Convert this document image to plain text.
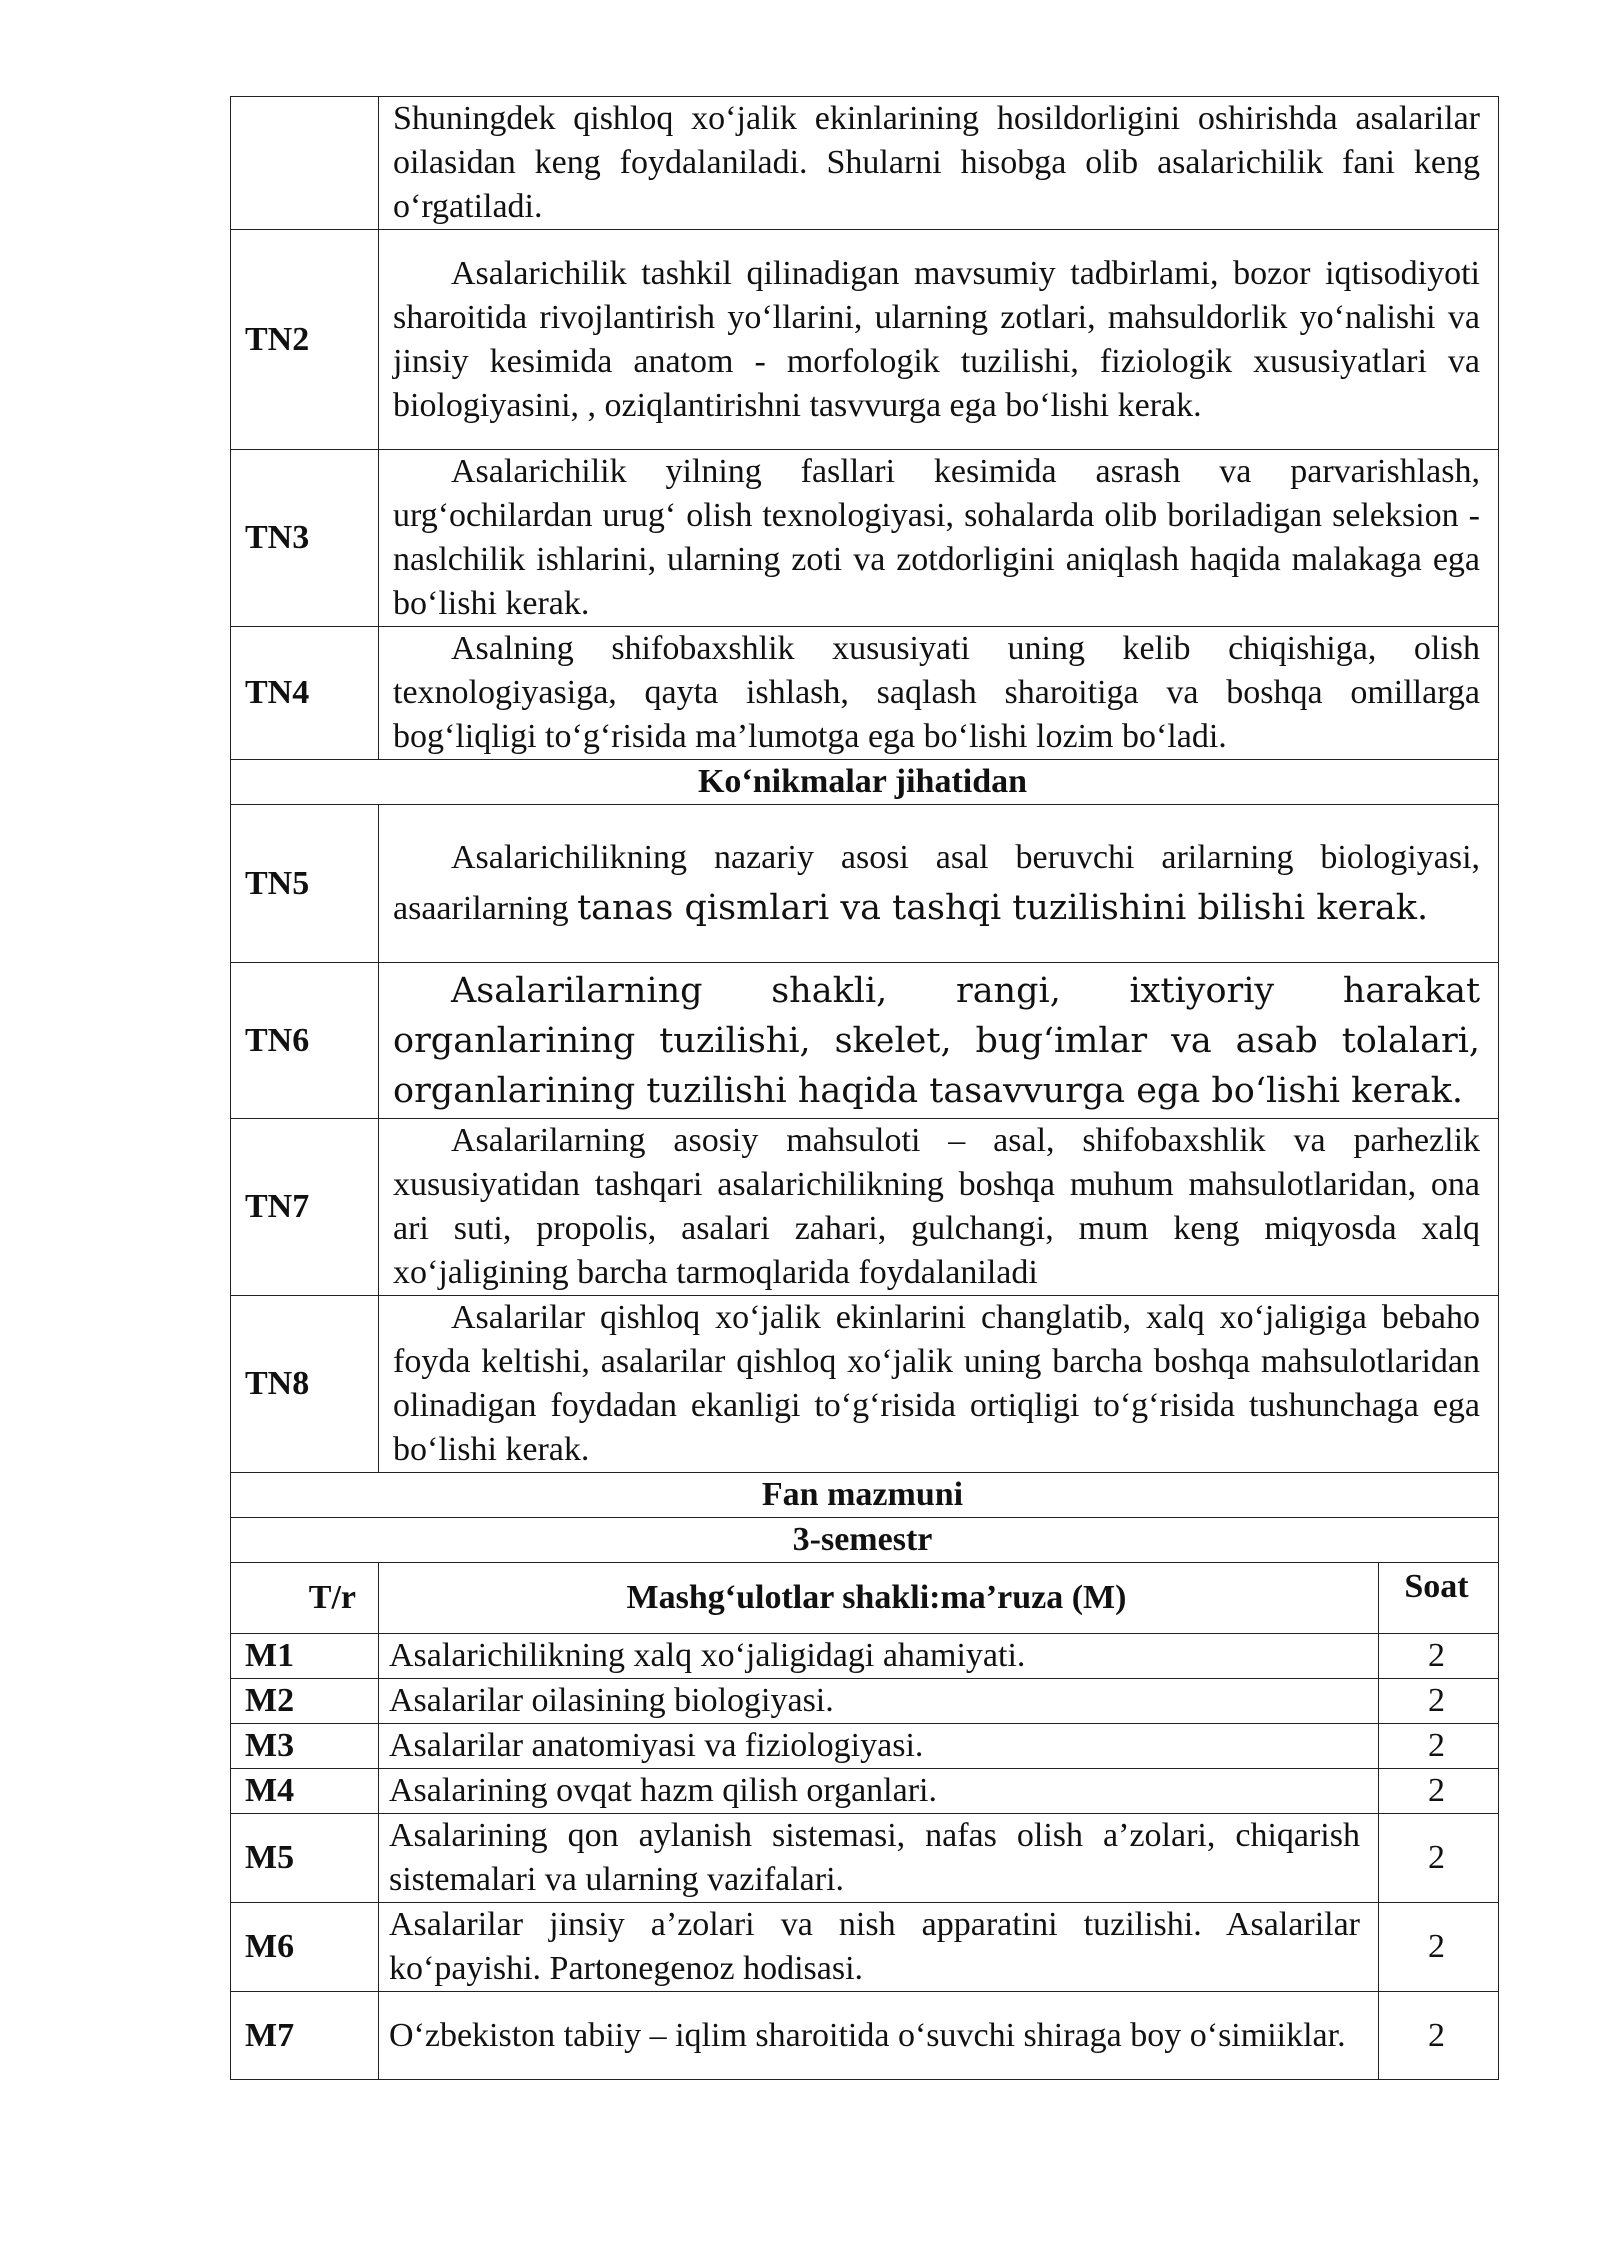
	Shuningdek qishloq xo‘jalik ekinlarining hosildorligini oshirishda asalarilar oilasidan keng foydalaniladi. Shularni hisobga olib asalarichilik fani keng o‘rgatiladi.	
TN2	Asalarichilik tashkil qilinadigan mavsumiy tadbirlami, bozor iqtisodiyoti sharoitida rivojlantirish yo‘llarini, ularning zotlari, mahsuldorlik yo‘nalishi va jinsiy kesimida anatom - morfologik tuzilishi, fiziologik xususiyatlari va biologiyasini, , oziqlantirishni tasvvurga ega bo‘lishi kerak.	
TN3	Asalarichilik yilning fasllari kesimida asrash va parvarishlash, urg‘ochilardan urug‘ olish texnologiyasi, sohalarda olib boriladigan seleksion - naslchilik ishlarini, ularning zoti va zotdorligini aniqlash haqida malakaga ega bo‘lishi kerak.	
TN4	Asalning shifobaxshlik xususiyati uning kelib chiqishiga, olish texnologiyasiga, qayta ishlash, saqlash sharoitiga va boshqa omillarga bog‘liqligi to‘g‘risida ma’lumotga ega bo‘lishi lozim bo‘ladi.	
Ko‘nikmalar jihatidan		
TN5	Asalarichilikning nazariy asosi asal beruvchi arilarning biologiyasi, asaarilarning tanas qismlari va tashqi tuzilishini bilishi kerak.	
TN6	Asalarilarning shakli, rangi, ixtiyoriy harakat organlarining tuzilishi, skelet, bug‘imlar va asab tolalari, organlarining tuzilishi haqida tasavvurga ega bo‘lishi kerak.	
TN7	Asalarilarning asosiy mahsuloti – asal, shifobaxshlik va parhezlik xususiyatidan tashqari asalarichilikning boshqa muhum mahsulotlaridan, ona ari suti, propolis, asalari zahari, gulchangi, mum keng miqyosda xalq xo‘jaligining barcha tarmoqlarida foydalaniladi	
TN8	Asalarilar qishloq xo‘jalik ekinlarini changlatib, xalq xo‘jaligiga bebaho foyda keltishi, asalarilar qishloq xo‘jalik uning barcha boshqa mahsulotlaridan olinadigan foydadan ekanligi to‘g‘risida ortiqligi to‘g‘risida tushunchaga ega bo‘lishi kerak.	
Fan mazmuni		
3-semestr		
T/r	Mashg‘ulotlar shakli:ma’ruza (M)	Soat
M1	Asalarichilikning xalq xo‘jaligidagi ahamiyati.	2
M2	Asalarilar oilasining biologiyasi.	2
M3	Asalarilar anatomiyasi va fiziologiyasi.	2
M4	Asalarining ovqat hazm qilish organlari.	2
M5	Asalarining qon aylanish sistemasi, nafas olish a’zolari, chiqarish sistemalari va ularning vazifalari.	2
M6	Asalarilar jinsiy a’zolari va nish apparatini tuzilishi. Asalarilar ko‘payishi. Partonegenoz hodisasi.	2
M7	O‘zbekiston tabiiy – iqlim sharoitida o‘suvchi shiraga boy o‘simiiklar.	2
